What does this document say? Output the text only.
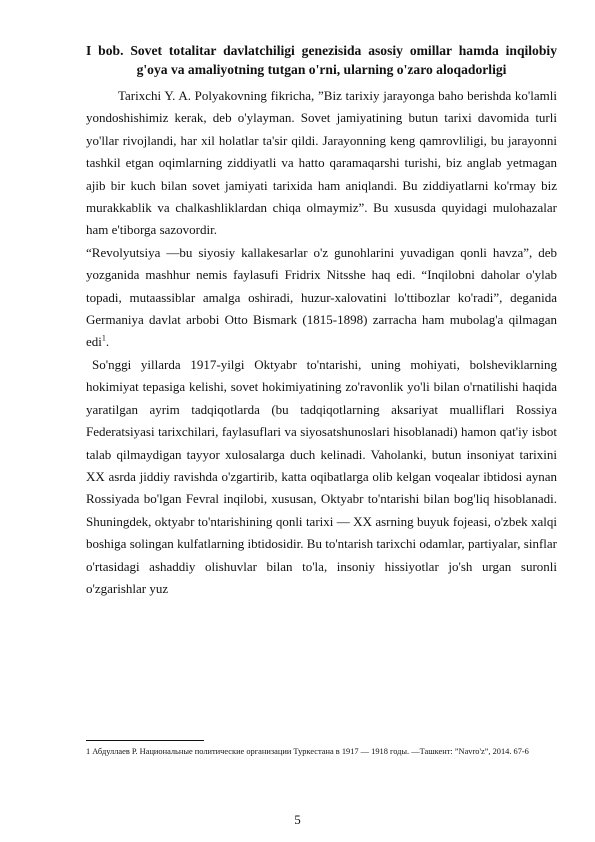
I bob. Sovet totalitar davlatchiligi genezisida asosiy omillar hamda inqilobiy g'oya va amaliyotning tutgan o'rni, ularning o'zaro aloqadorligi

Tarixchi Y. A. Polyakovning fikricha, ”Biz tarixiy jarayonga baho berishda ko'lamli yondoshishimiz kerak, deb o'ylayman. Sovet jamiyatining butun tarixi davomida turli yo'llar rivojlandi, har xil holatlar ta'sir qildi. Jarayonning keng qamrovliligi, bu jarayonni tashkil etgan oqimlarning ziddiyatli va hatto qaramaqarshi turishi, biz anglab yetmagan ajib bir kuch bilan sovet jamiyati tarixida ham aniqlandi. Bu ziddiyatlarni ko'rmay biz murakkablik va chalkashliklardan chiqa olmaymiz”. Bu xususda quyidagi mulohazalar ham e'tiborga sazovordir.

“Revolyutsiya —bu siyosiy kallakesarlar o'z gunohlarini yuvadigan qonli havza”, deb yozganida mashhur nemis faylasufi Fridrix Nitsshe haq edi. “Inqilobni daholar o'ylab topadi, mutaassiblar amalga oshiradi, huzur-xalovatini lo'ttibozlar ko'radi”, deganida Germaniya davlat arbobi Otto Bismark (1815-1898) zarracha ham mubolag'a qilmagan edi$^1$.

So'nggi yillarda 1917-yilgi Oktyabr to'ntarishi, uning mohiyati, bolsheviklarning hokimiyat tepasiga kelishi, sovet hokimiyatining zo'ravonlik yo'li bilan o'rnatilishi haqida yaratilgan ayrim tadqiqotlarda (bu tadqiqotlarning aksariyat mualliflari Rossiya Federatsiyasi tarixchilari, faylasuflari va siyosatshunoslari hisoblanadi) hamon qat'iy isbot talab qilmaydigan tayyor xulosalarga duch kelinadi. Vaholanki, butun insoniyat tarixini XX asrda jiddiy ravishda o'zgartirib, katta oqibatlarga olib kelgan voqealar ibtidosi aynan Rossiyada bo'lgan Fevral inqilobi, xususan, Oktyabr to'ntarishi bilan bog'liq hisoblanadi. Shuningdek, oktyabr to'ntarishining qonli tarixi — XX asrning buyuk fojeasi, o'zbek xalqi boshiga solingan kulfatlarning ibtidosidir. Bu to'ntarish tarixchi odamlar, partiyalar, sinflar o'rtasidagi ashaddiy olishuvlar bilan to'la, insoniy hissiyotlar jo'sh urgan suronli o'zgarishlar yuz

1 Абдуллаев Р. Национальные политические организации Туркестана в 1917 — 1918 годы. —Ташкент: ”Navro'z”, 2014. 67-6
5
